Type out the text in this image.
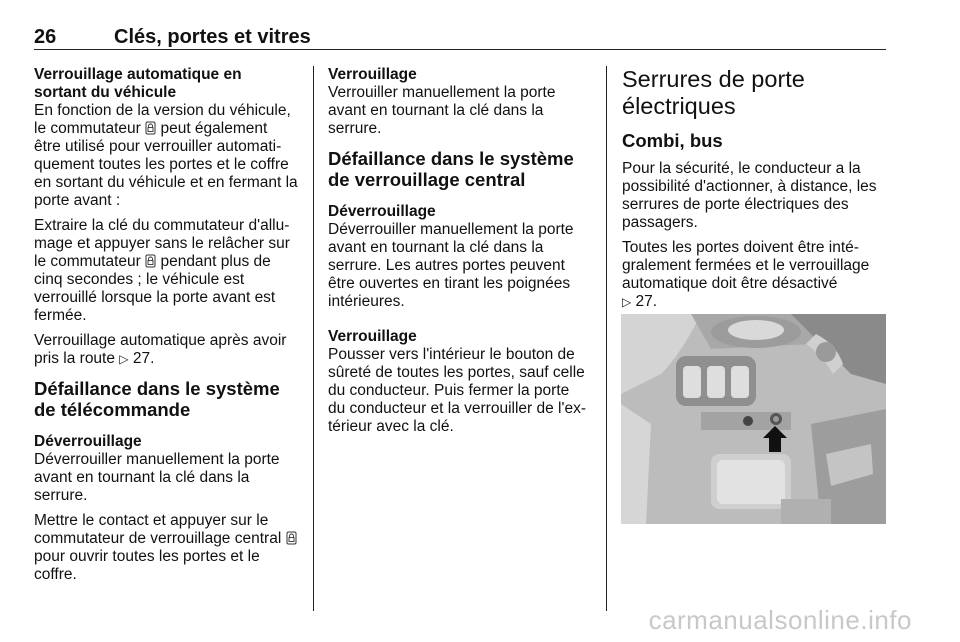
26	Clés, portes et vitres
Verrouillage automatique en sortant du véhicule

En fonction de la version du véhicule, le commutateur peut également être utilisé pour verrouiller automati‐quement toutes les portes et le coffre en sortant du véhicule et en fermant la porte avant :

Extraire la clé du commutateur d'allu‐mage et appuyer sans le relâcher sur le commutateur pendant plus de cinq secondes ; le véhicule est verrouillé lorsque la porte avant est fermée.

Verrouillage automatique après avoir pris la route ▷ 27.

Défaillance dans le système de télécommande
Déverrouillage

Déverrouiller manuellement la porte avant en tournant la clé dans la serrure.

Mettre le contact et appuyer sur le commutateur de verrouillage central  pour ouvrir toutes les portes et le coffre.

Verrouillage

Verrouiller manuellement la porte avant en tournant la clé dans la serrure.

Défaillance dans le système de verrouillage central
Déverrouillage

Déverrouiller manuellement la porte avant en tournant la clé dans la serrure. Les autres portes peuvent être ouvertes en tirant les poignées intérieures.

Verrouillage

Pousser vers l'intérieur le bouton de sûreté de toutes les portes, sauf celle du conducteur. Puis fermer la porte du conducteur et la verrouiller de l'ex‐térieur avec la clé.

Serrures de porte électriques
Combi, bus

Pour la sécurité, le conducteur a la possibilité d'actionner, à distance, les serrures de porte électriques des passagers.

Toutes les portes doivent être inté‐gralement fermées et le verrouillage automatique doit être désactivé
▷ 27.

carmanualsonline.info
